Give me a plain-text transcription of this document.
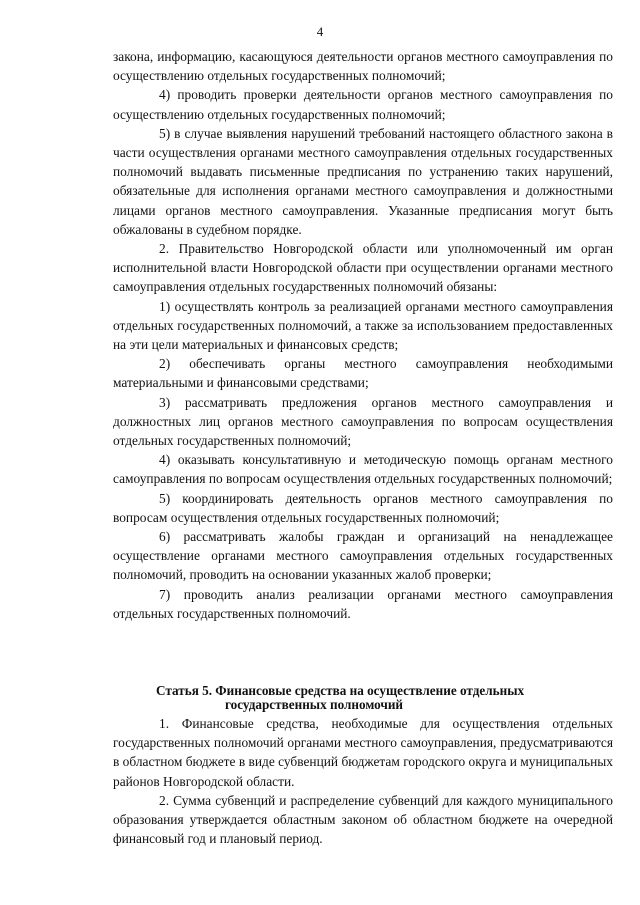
4

закона, информацию, касающуюся деятельности органов местного самоуправления по осуществлению отдельных государственных полномочий;

4) проводить проверки деятельности органов местного самоуправления по осуществлению отдельных государственных полномочий;

5) в случае выявления нарушений требований настоящего областного закона в части осуществления органами местного самоуправления отдельных государственных полномочий выдавать письменные предписания по устранению таких нарушений, обязательные для исполнения органами местного самоуправления и должностными лицами органов местного самоуправления. Указанные предписания могут быть обжалованы в судебном порядке.

2. Правительство Новгородской области или уполномоченный им орган исполнительной власти Новгородской области при осуществлении органами местного самоуправления отдельных государственных полномочий обязаны:

1) осуществлять контроль за реализацией органами местного самоуправления отдельных государственных полномочий, а также за использованием предоставленных на эти цели материальных и финансовых средств;

2) обеспечивать органы местного самоуправления необходимыми материальными и финансовыми средствами;

3) рассматривать предложения органов местного самоуправления и должностных лиц органов местного самоуправления по вопросам осуществления отдельных государственных полномочий;

4) оказывать консультативную и методическую помощь органам местного самоуправления по вопросам осуществления отдельных государственных полномочий;

5) координировать деятельность органов местного самоуправления по вопросам осуществления отдельных государственных полномочий;

6) рассматривать жалобы граждан и организаций на ненадлежащее осуществление органами местного самоуправления отдельных государственных полномочий, проводить на основании указанных жалоб проверки;

7) проводить анализ реализации органами местного самоуправления отдельных государственных полномочий.

Статья 5. Финансовые средства на осуществление отдельных
государственных полномочий

1. Финансовые средства, необходимые для осуществления отдельных государственных полномочий органами местного самоуправления, предусматриваются в областном бюджете в виде субвенций бюджетам городского округа и муниципальных районов Новгородской области.

2. Сумма субвенций и распределение субвенций для каждого муниципального образования утверждается областным законом об областном бюджете на очередной финансовый год и плановый период.
